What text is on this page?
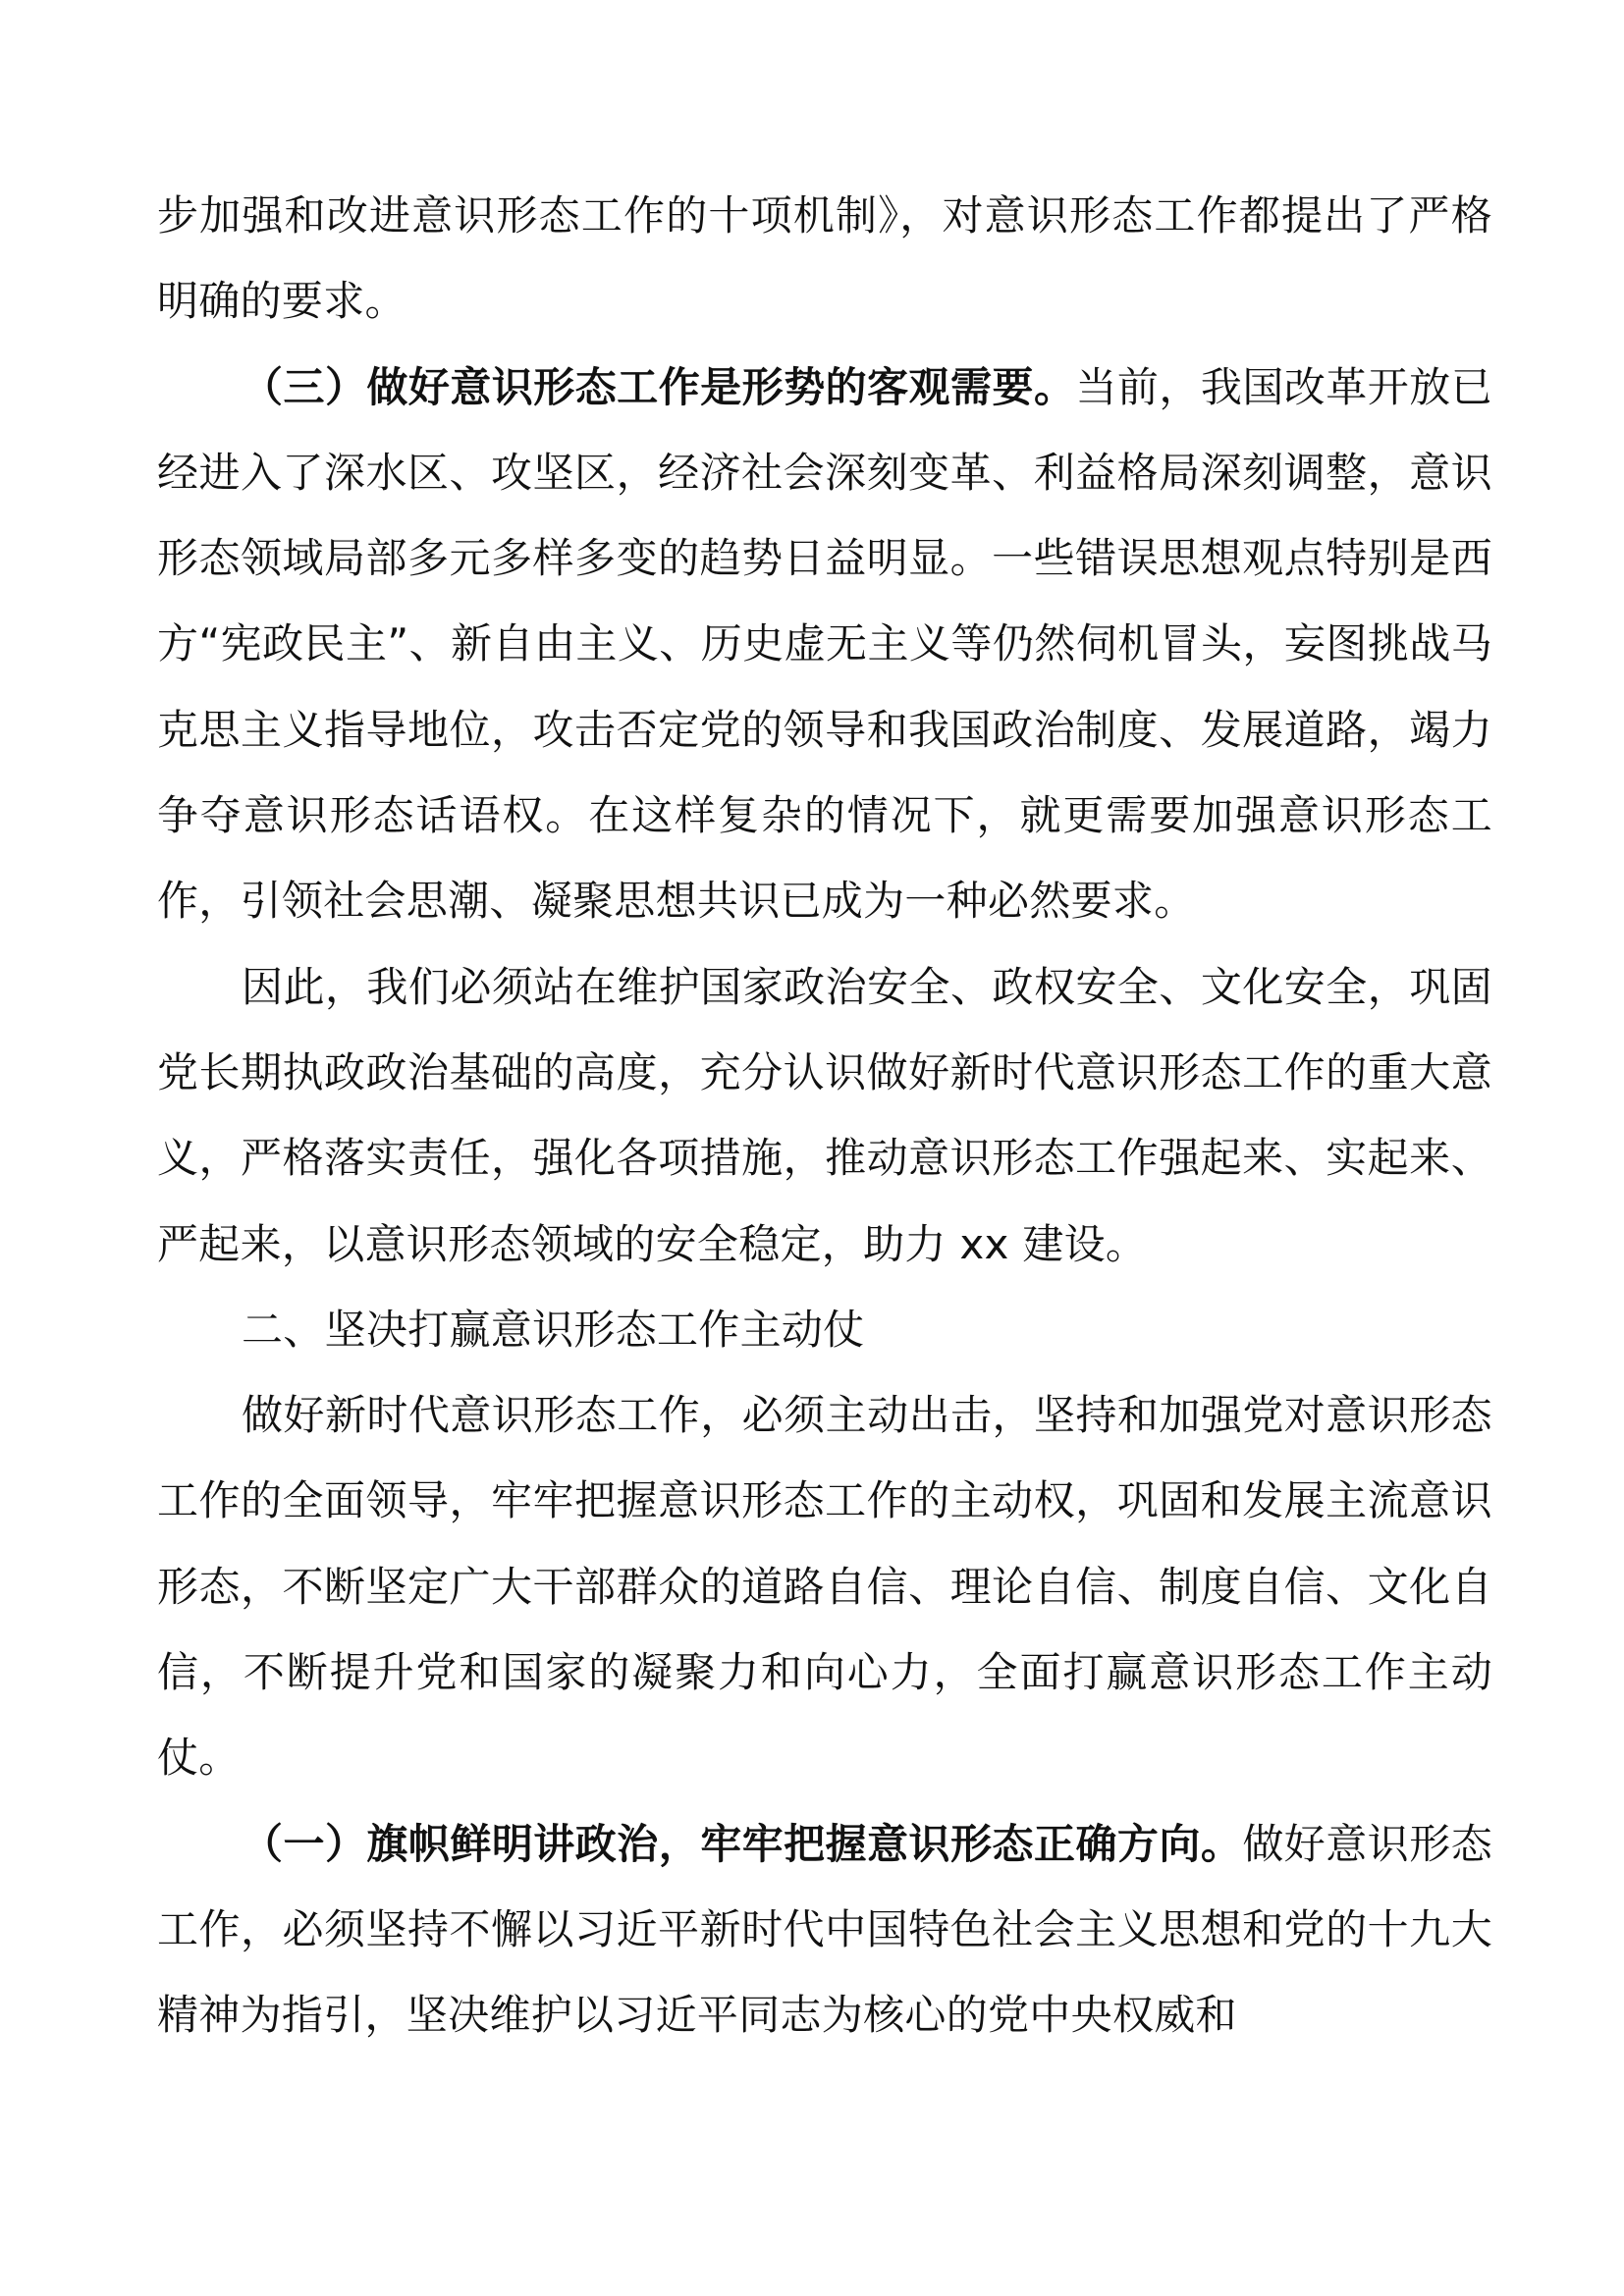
步加强和改进意识形态工作的十项机制》，对意识形态工作都提出了严格明确的要求。

（三）做好意识形态工作是形势的客观需要。当前，我国改革开放已经进入了深水区、攻坚区，经济社会深刻变革、利益格局深刻调整，意识形态领域局部多元多样多变的趋势日益明显。一些错误思想观点特别是西方“宪政民主”、新自由主义、历史虚无主义等仍然伺机冒头，妄图挑战马克思主义指导地位，攻击否定党的领导和我国政治制度、发展道路，竭力争夺意识形态话语权。在这样复杂的情况下，就更需要加强意识形态工作，引领社会思潮、凝聚思想共识已成为一种必然要求。

因此，我们必须站在维护国家政治安全、政权安全、文化安全，巩固党长期执政政治基础的高度，充分认识做好新时代意识形态工作的重大意义，严格落实责任，强化各项措施，推动意识形态工作强起来、实起来、严起来，以意识形态领域的安全稳定，助力 xx 建设。

二、坚决打赢意识形态工作主动仗

做好新时代意识形态工作，必须主动出击，坚持和加强党对意识形态工作的全面领导，牢牢把握意识形态工作的主动权，巩固和发展主流意识形态，不断坚定广大干部群众的道路自信、理论自信、制度自信、文化自信，不断提升党和国家的凝聚力和向心力，全面打赢意识形态工作主动仗。

（一）旗帜鲜明讲政治，牢牢把握意识形态正确方向。做好意识形态工作，必须坚持不懈以习近平新时代中国特色社会主义思想和党的十九大精神为指引，坚决维护以习近平同志为核心的党中央权威和
